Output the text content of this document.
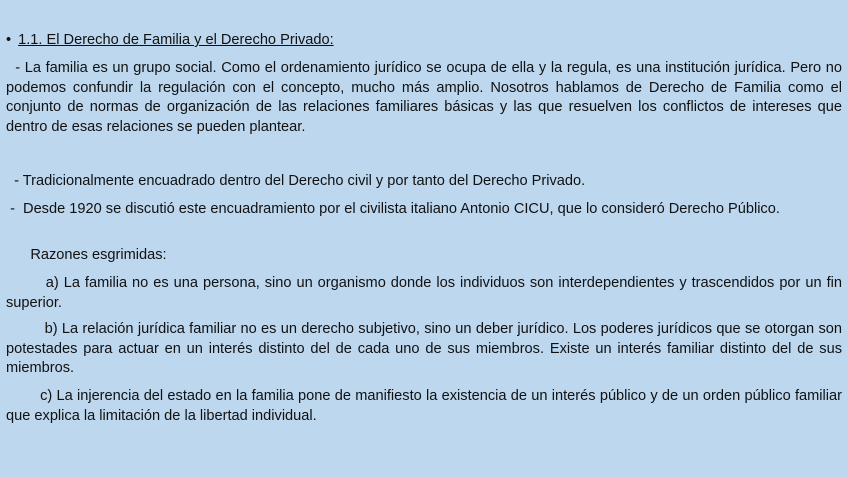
• 1.1. El Derecho de Familia y el Derecho Privado:

- La familia es un grupo social. Como el ordenamiento jurídico se ocupa de ella y la regula, es una institución jurídica. Pero no podemos confundir la regulación con el concepto, mucho más amplio. Nosotros hablamos de Derecho de Familia como el conjunto de normas de organización de las relaciones familiares básicas y las que resuelven los conflictos de intereses que dentro de esas relaciones se pueden plantear.

- Tradicionalmente encuadrado dentro del Derecho civil y por tanto del Derecho Privado.

-  Desde 1920 se discutió este encuadramiento por el civilista italiano Antonio CICU, que lo consideró Derecho Público.

Razones esgrimidas:

a) La familia no es una persona, sino un organismo donde los individuos son interdependientes y trascendidos por un fin superior.

b) La relación jurídica familiar no es un derecho subjetivo, sino un deber jurídico. Los poderes jurídicos que se otorgan son potestades para actuar en un interés distinto del de cada uno de sus miembros. Existe un interés familiar distinto del de sus miembros.

c) La injerencia del estado en la familia pone de manifiesto la existencia de un interés público y de un orden público familiar que explica la limitación de la libertad individual.
